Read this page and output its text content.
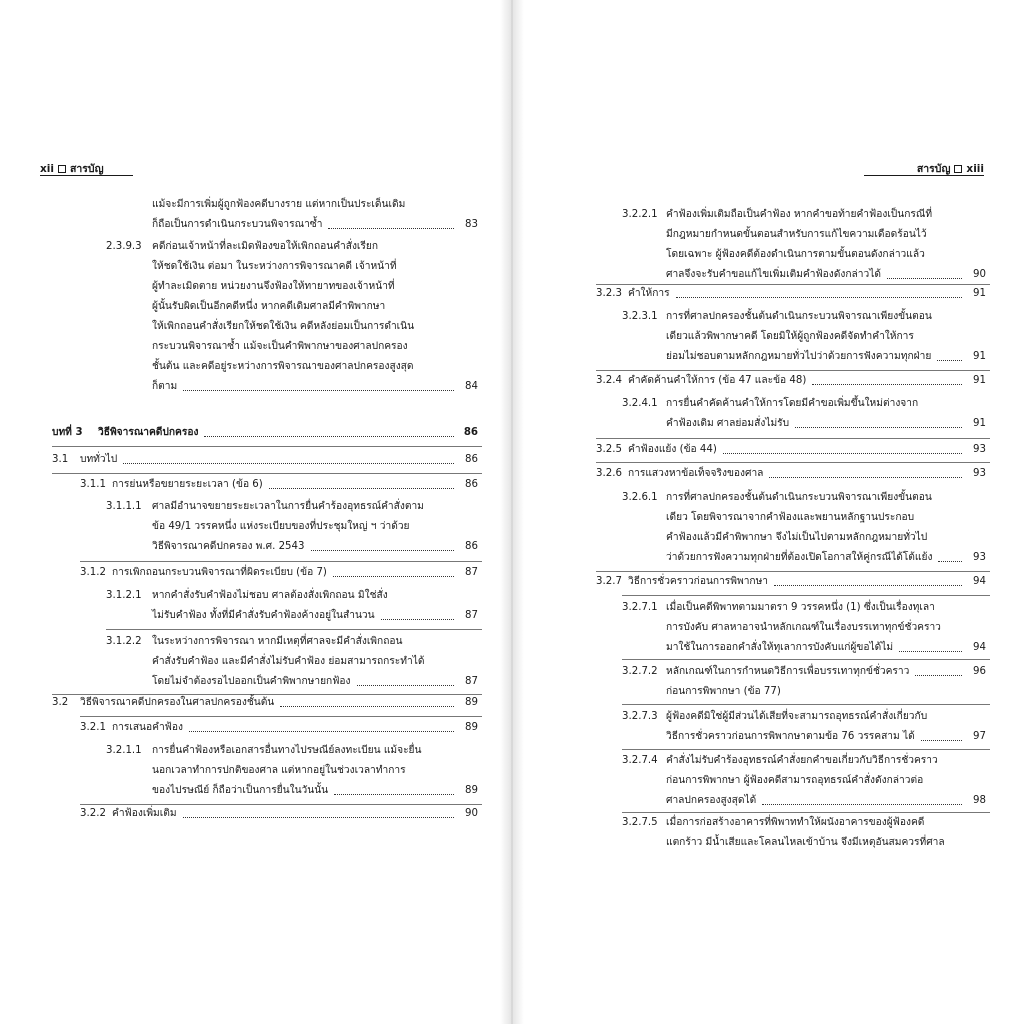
xii สารบัญ	สารบัญ xiii
แม้จะมีการเพิ่มผู้ถูกฟ้องคดีบางราย แต่หากเป็นประเด็นเดิม
ก็ถือเป็นการดำเนินกระบวนพิจารณาซ้ำ	83
2.3.9.3	คดีก่อนเจ้าหน้าที่ละเมิดฟ้องขอให้เพิกถอนคำสั่งเรียก
ให้ชดใช้เงิน ต่อมา ในระหว่างการพิจารณาคดี เจ้าหน้าที่
ผู้ทำละเมิดตาย หน่วยงานจึงฟ้องให้ทายาทของเจ้าหน้าที่
ผู้นั้นรับผิดเป็นอีกคดีหนึ่ง หากคดีเดิมศาลมีคำพิพากษา
ให้เพิกถอนคำสั่งเรียกให้ชดใช้เงิน คดีหลังย่อมเป็นการดำเนิน
กระบวนพิจารณาซ้ำ แม้จะเป็นคำพิพากษาของศาลปกครอง
ชั้นต้น และคดีอยู่ระหว่างการพิจารณาของศาลปกครองสูงสุด
ก็ตาม	84
บทที่ 3	วิธีพิจารณาคดีปกครอง	86
3.1	บททั่วไป	86
3.1.1 การย่นหรือขยายระยะเวลา (ข้อ 6)	86
3.1.1.1	ศาลมีอำนาจขยายระยะเวลาในการยื่นคำร้องอุทธรณ์คำสั่งตาม
ข้อ 49/1 วรรคหนึ่ง แห่งระเบียบของที่ประชุมใหญ่ ฯ ว่าด้วย
วิธีพิจารณาคดีปกครอง พ.ศ. 2543	86
3.1.2 การเพิกถอนกระบวนพิจารณาที่ผิดระเบียบ (ข้อ 7)	87
3.1.2.1	หากคำสั่งรับคำฟ้องไม่ชอบ ศาลต้องสั่งเพิกถอน มิใช่สั่ง
ไม่รับคำฟ้อง ทั้งที่มีคำสั่งรับคำฟ้องค้างอยู่ในสำนวน	87
3.1.2.2	ในระหว่างการพิจารณา หากมีเหตุที่ศาลจะมีคำสั่งเพิกถอน
คำสั่งรับคำฟ้อง และมีคำสั่งไม่รับคำฟ้อง ย่อมสามารถกระทำได้
โดยไม่จำต้องรอไปออกเป็นคำพิพากษายกฟ้อง	87
3.2	วิธีพิจารณาคดีปกครองในศาลปกครองชั้นต้น	89
3.2.1 การเสนอคำฟ้อง	89
3.2.1.1	การยื่นคำฟ้องหรือเอกสารอื่นทางไปรษณีย์ลงทะเบียน แม้จะยื่น
นอกเวลาทำการปกติของศาล แต่หากอยู่ในช่วงเวลาทำการ
ของไปรษณีย์ ก็ถือว่าเป็นการยื่นในวันนั้น	89
3.2.2 คำฟ้องเพิ่มเติม	90
3.2.2.1 คำฟ้องเพิ่มเติมถือเป็นคำฟ้อง หากคำขอท้ายคำฟ้องเป็นกรณีที่
มีกฎหมายกำหนดขั้นตอนสำหรับการแก้ไขความเดือดร้อนไว้
โดยเฉพาะ ผู้ฟ้องคดีต้องดำเนินการตามขั้นตอนดังกล่าวแล้ว
ศาลจึงจะรับคำขอแก้ไขเพิ่มเติมคำฟ้องดังกล่าวได้	90
3.2.3 คำให้การ	91
3.2.3.1 การที่ศาลปกครองชั้นต้นดำเนินกระบวนพิจารณาเพียงขั้นตอน
เดียวแล้วพิพากษาคดี โดยมิให้ผู้ถูกฟ้องคดีจัดทำคำให้การ
ย่อมไม่ชอบตามหลักกฎหมายทั่วไปว่าด้วยการฟังความทุกฝ่าย	91
3.2.4 คำคัดค้านคำให้การ (ข้อ 47 และข้อ 48)	91
3.2.4.1 การยื่นคำคัดค้านคำให้การโดยมีคำขอเพิ่มขึ้นใหม่ต่างจาก
คำฟ้องเดิม ศาลย่อมสั่งไม่รับ	91
3.2.5 คำฟ้องแย้ง (ข้อ 44)	93
3.2.6 การแสวงหาข้อเท็จจริงของศาล	93
3.2.6.1 การที่ศาลปกครองชั้นต้นดำเนินกระบวนพิจารณาเพียงขั้นตอน
เดียว โดยพิจารณาจากคำฟ้องและพยานหลักฐานประกอบ
คำฟ้องแล้วมีคำพิพากษา จึงไม่เป็นไปตามหลักกฎหมายทั่วไป
ว่าด้วยการฟังความทุกฝ่ายที่ต้องเปิดโอกาสให้คู่กรณีได้โต้แย้ง	93
3.2.7 วิธีการชั่วคราวก่อนการพิพากษา	94
3.2.7.1 เมื่อเป็นคดีพิพาทตามมาตรา 9 วรรคหนึ่ง (1) ซึ่งเป็นเรื่องทุเลา
การบังคับ ศาลหาอาจนำหลักเกณฑ์ในเรื่องบรรเทาทุกข์ชั่วคราว
มาใช้ในการออกคำสั่งให้ทุเลาการบังคับแก่ผู้ขอได้ไม่	94
3.2.7.2 หลักเกณฑ์ในการกำหนดวิธีการเพื่อบรรเทาทุกข์ชั่วคราว	96
ก่อนการพิพากษา (ข้อ 77)
3.2.7.3 ผู้ฟ้องคดีมิใช่ผู้มีส่วนได้เสียที่จะสามารถอุทธรณ์คำสั่งเกี่ยวกับ
วิธีการชั่วคราวก่อนการพิพากษาตามข้อ 76 วรรคสาม ได้	97
3.2.7.4 คำสั่งไม่รับคำร้องอุทธรณ์คำสั่งยกคำขอเกี่ยวกับวิธีการชั่วคราว
ก่อนการพิพากษา ผู้ฟ้องคดีสามารถอุทธรณ์คำสั่งดังกล่าวต่อ
ศาลปกครองสูงสุดได้	98
3.2.7.5 เมื่อการก่อสร้างอาคารที่พิพาททำให้ผนังอาคารของผู้ฟ้องคดี
แตกร้าว มีน้ำเสียและโคลนไหลเข้าบ้าน จึงมีเหตุอันสมควรที่ศาล
